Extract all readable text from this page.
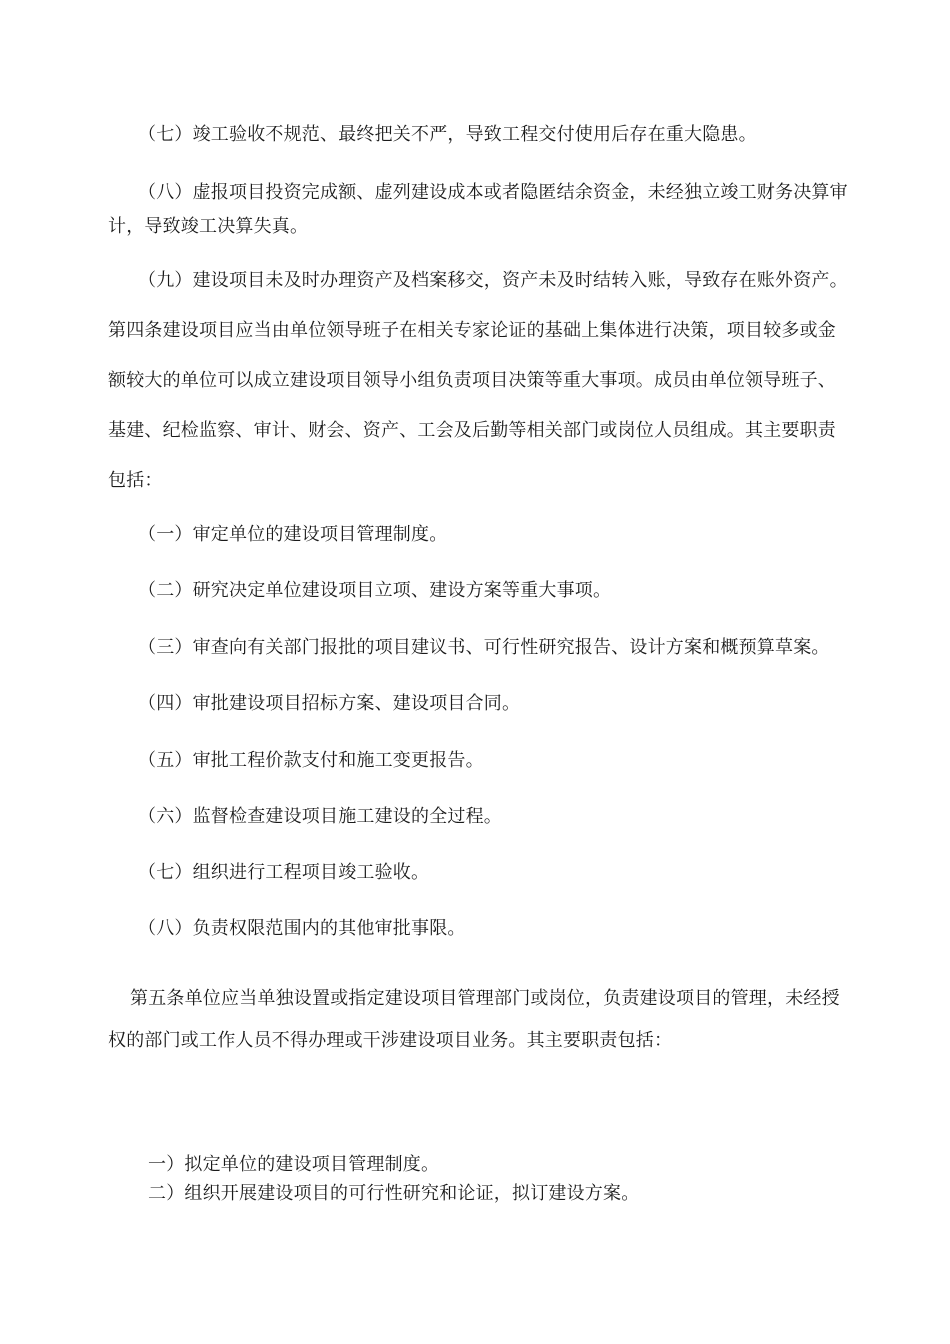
（七）竣工验收不规范、最终把关不严，导致工程交付使用后存在重大隐患。
（八）虚报项目投资完成额、虚列建设成本或者隐匿结余资金，未经独立竣工财务决算审
计，导致竣工决算失真。
（九）建设项目未及时办理资产及档案移交，资产未及时结转入账，导致存在账外资产。
第四条建设项目应当由单位领导班子在相关专家论证的基础上集体进行决策，项目较多或金
额较大的单位可以成立建设项目领导小组负责项目决策等重大事项。成员由单位领导班子、
基建、纪检监察、审计、财会、资产、工会及后勤等相关部门或岗位人员组成。其主要职责
包括：
（一）审定单位的建设项目管理制度。
（二）研究决定单位建设项目立项、建设方案等重大事项。
（三）审查向有关部门报批的项目建议书、可行性研究报告、设计方案和概预算草案。
（四）审批建设项目招标方案、建设项目合同。
（五）审批工程价款支付和施工变更报告。
（六）监督检查建设项目施工建设的全过程。
（七）组织进行工程项目竣工验收。
（八）负责权限范围内的其他审批事限。
第五条单位应当单独设置或指定建设项目管理部门或岗位，负责建设项目的管理，未经授
权的部门或工作人员不得办理或干涉建设项目业务。其主要职责包括：
一）拟定单位的建设项目管理制度。
二）组织开展建设项目的可行性研究和论证，拟订建设方案。
